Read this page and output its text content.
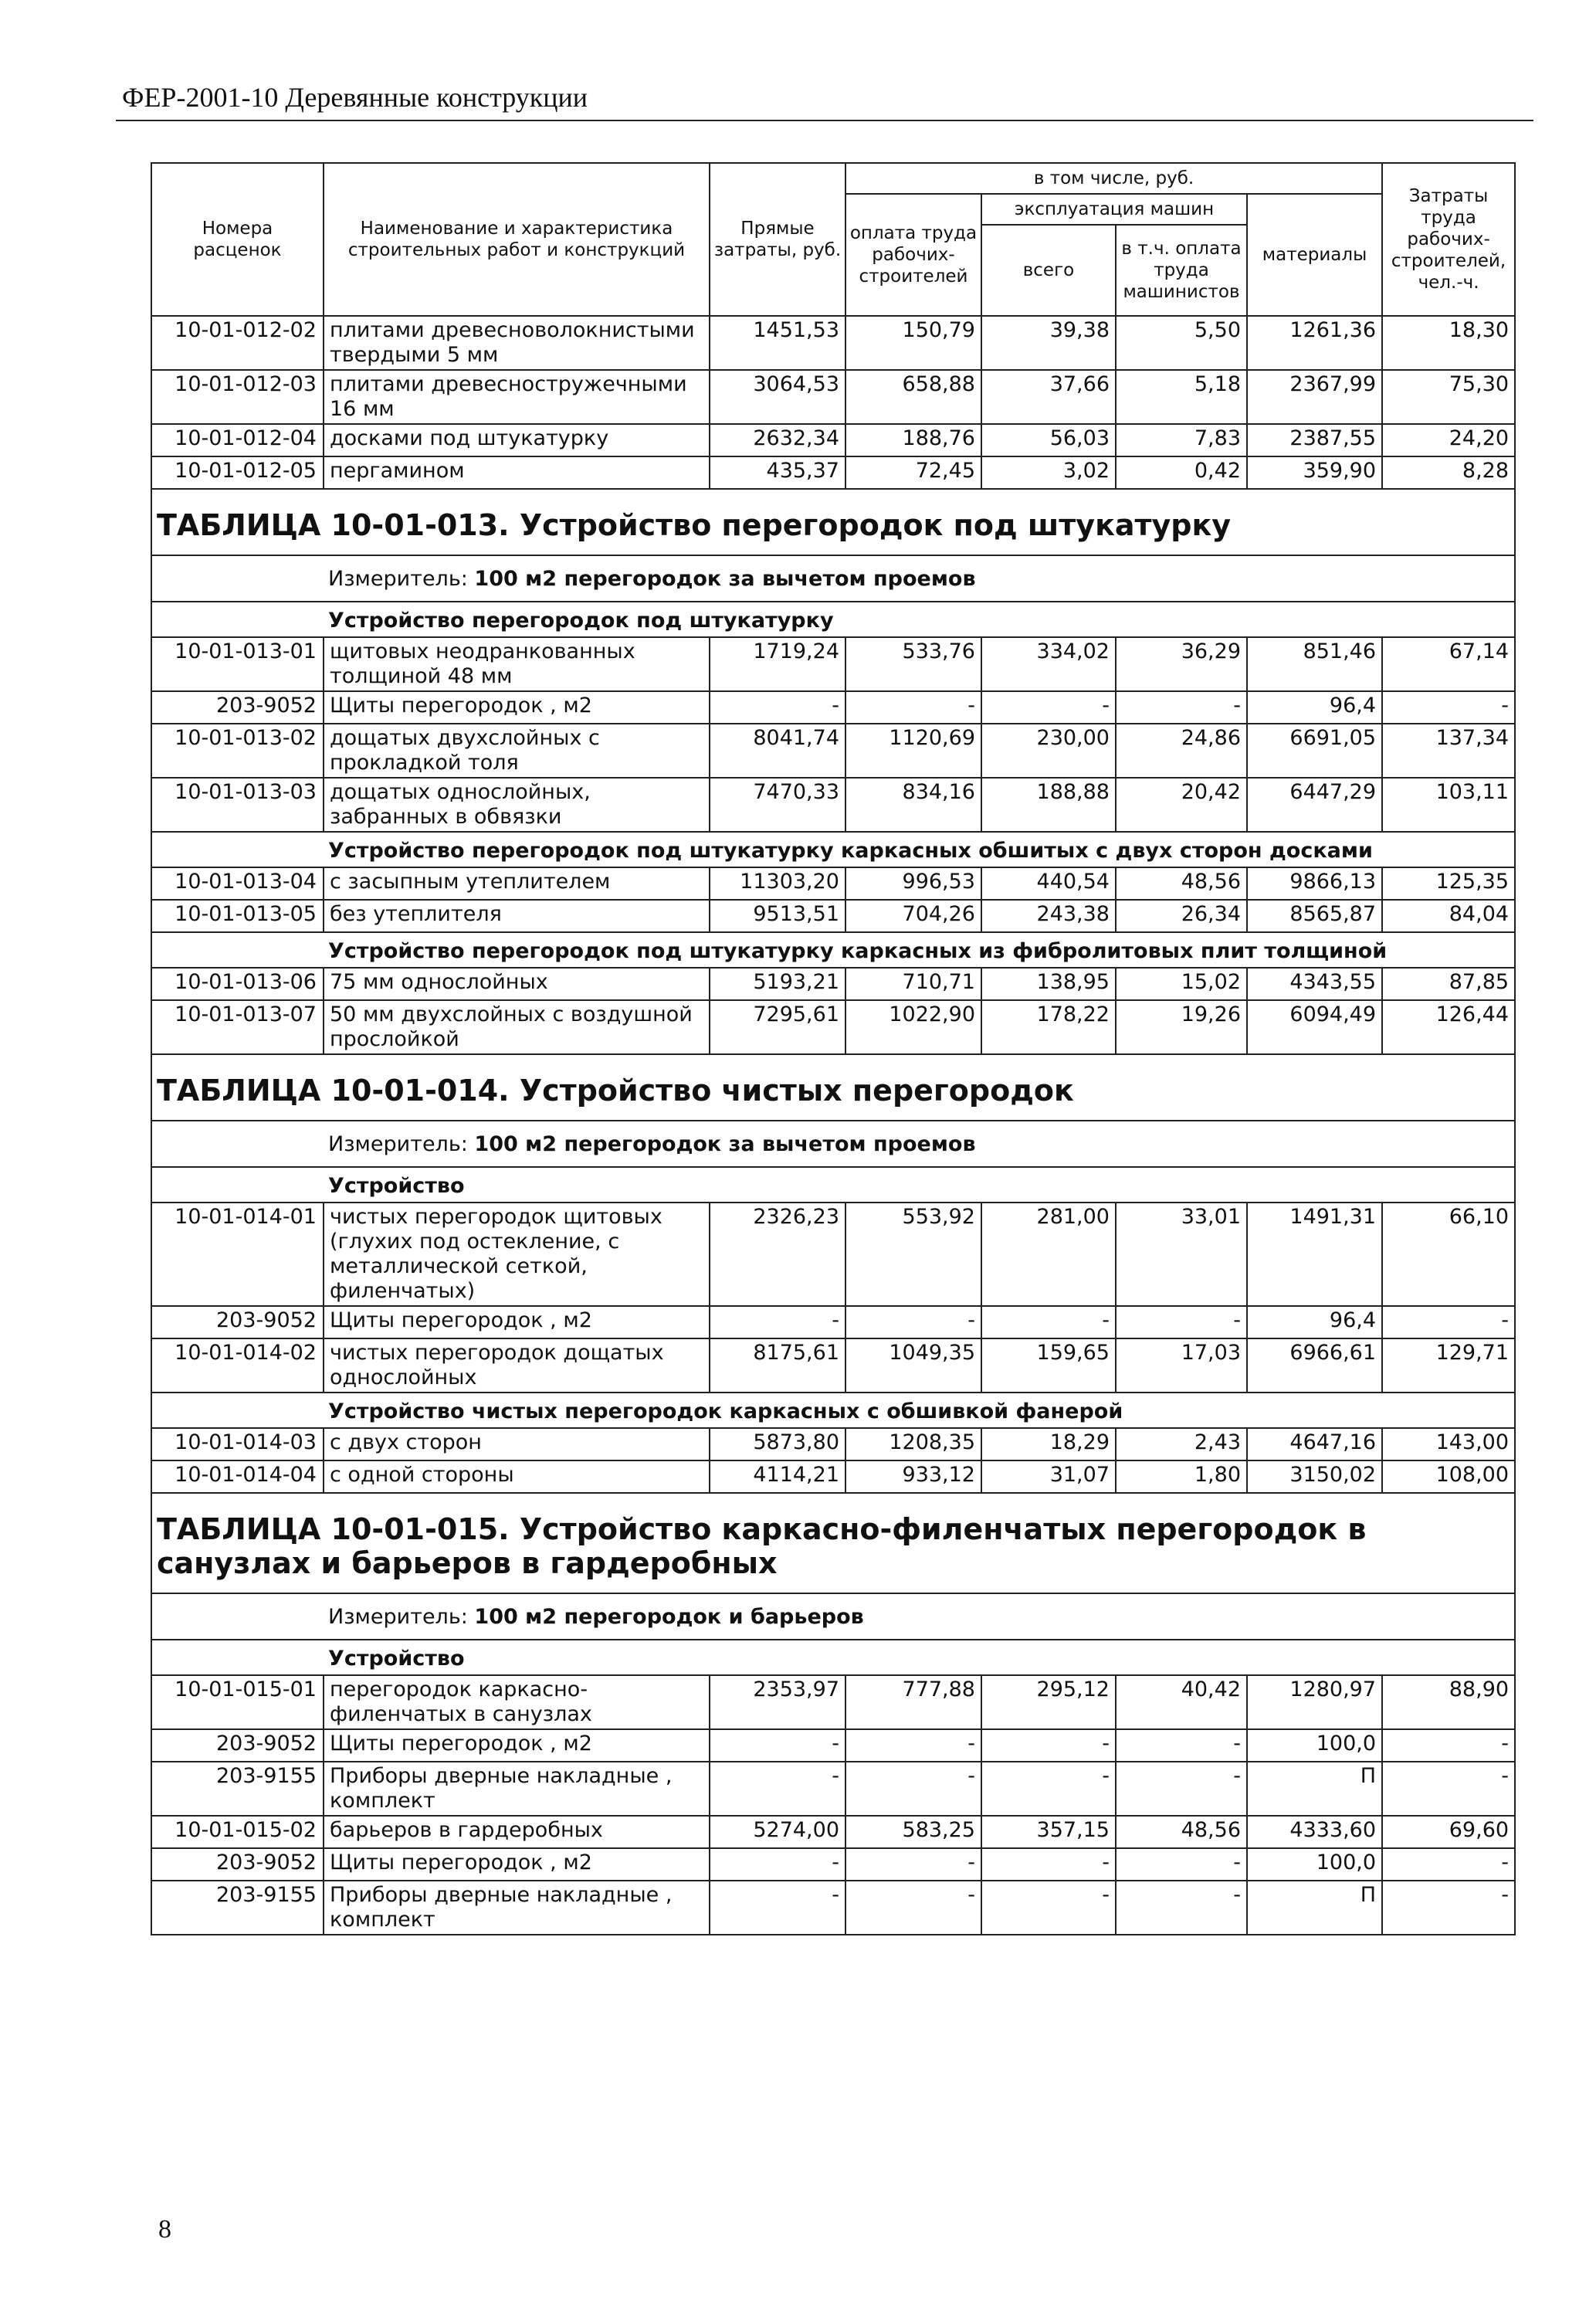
ФЕР-2001-10 Деревянные конструкции
Номера расценок	Наименование и характеристика строительных работ и конструкций	Прямые затраты, руб.	в том числе, руб.				Затраты труда рабочих-строителей, чел.-ч.
			оплата труда рабочих-строителей	эксплуатация машин		материалы	
				всего	в т.ч. оплата труда машинистов		
10-01-012-02	плитами древесноволокнистыми твердыми 5 мм	1451,53	150,79	39,38	5,50	1261,36	18,30
10-01-012-03	плитами древесностружечными 16 мм	3064,53	658,88	37,66	5,18	2367,99	75,30
10-01-012-04	досками под штукатурку	2632,34	188,76	56,03	7,83	2387,55	24,20
10-01-012-05	пергамином	435,37	72,45	3,02	0,42	359,90	8,28
ТАБЛИЦА 10-01-013. Устройство перегородок под штукатурку							
	Измеритель: 100 м2 перегородок за вычетом проемов						
	Устройство перегородок под штукатурку						
10-01-013-01	щитовых неодранкованных толщиной 48 мм	1719,24	533,76	334,02	36,29	851,46	67,14
203-9052	Щиты перегородок , м2	-	-	-	-	96,4	-
10-01-013-02	дощатых двухслойных с прокладкой толя	8041,74	1120,69	230,00	24,86	6691,05	137,34
10-01-013-03	дощатых однослойных, забранных в обвязки	7470,33	834,16	188,88	20,42	6447,29	103,11
	Устройство перегородок под штукатурку каркасных обшитых с двух сторон досками						
10-01-013-04	с засыпным утеплителем	11303,20	996,53	440,54	48,56	9866,13	125,35
10-01-013-05	без утеплителя	9513,51	704,26	243,38	26,34	8565,87	84,04
	Устройство перегородок под штукатурку каркасных из фибролитовых плит толщиной						
10-01-013-06	75 мм однослойных	5193,21	710,71	138,95	15,02	4343,55	87,85
10-01-013-07	50 мм двухслойных с воздушной прослойкой	7295,61	1022,90	178,22	19,26	6094,49	126,44
ТАБЛИЦА 10-01-014. Устройство чистых перегородок							
	Измеритель: 100 м2 перегородок за вычетом проемов						
	Устройство						
10-01-014-01	чистых перегородок щитовых (глухих под остекление, с металлической сеткой, филенчатых)	2326,23	553,92	281,00	33,01	1491,31	66,10
203-9052	Щиты перегородок , м2	-	-	-	-	96,4	-
10-01-014-02	чистых перегородок дощатых однослойных	8175,61	1049,35	159,65	17,03	6966,61	129,71
	Устройство чистых перегородок каркасных с обшивкой фанерой						
10-01-014-03	с двух сторон	5873,80	1208,35	18,29	2,43	4647,16	143,00
10-01-014-04	с одной стороны	4114,21	933,12	31,07	1,80	3150,02	108,00
ТАБЛИЦА 10-01-015. Устройство каркасно-филенчатых перегородок в санузлах и барьеров в гардеробных							
	Измеритель: 100 м2 перегородок и барьеров						
	Устройство						
10-01-015-01	перегородок каркасно-филенчатых в санузлах	2353,97	777,88	295,12	40,42	1280,97	88,90
203-9052	Щиты перегородок , м2	-	-	-	-	100,0	-
203-9155	Приборы дверные накладные , комплект	-	-	-	-	П	-
10-01-015-02	барьеров в гардеробных	5274,00	583,25	357,15	48,56	4333,60	69,60
203-9052	Щиты перегородок , м2	-	-	-	-	100,0	-
203-9155	Приборы дверные накладные , комплект	-	-	-	-	П	-
8
